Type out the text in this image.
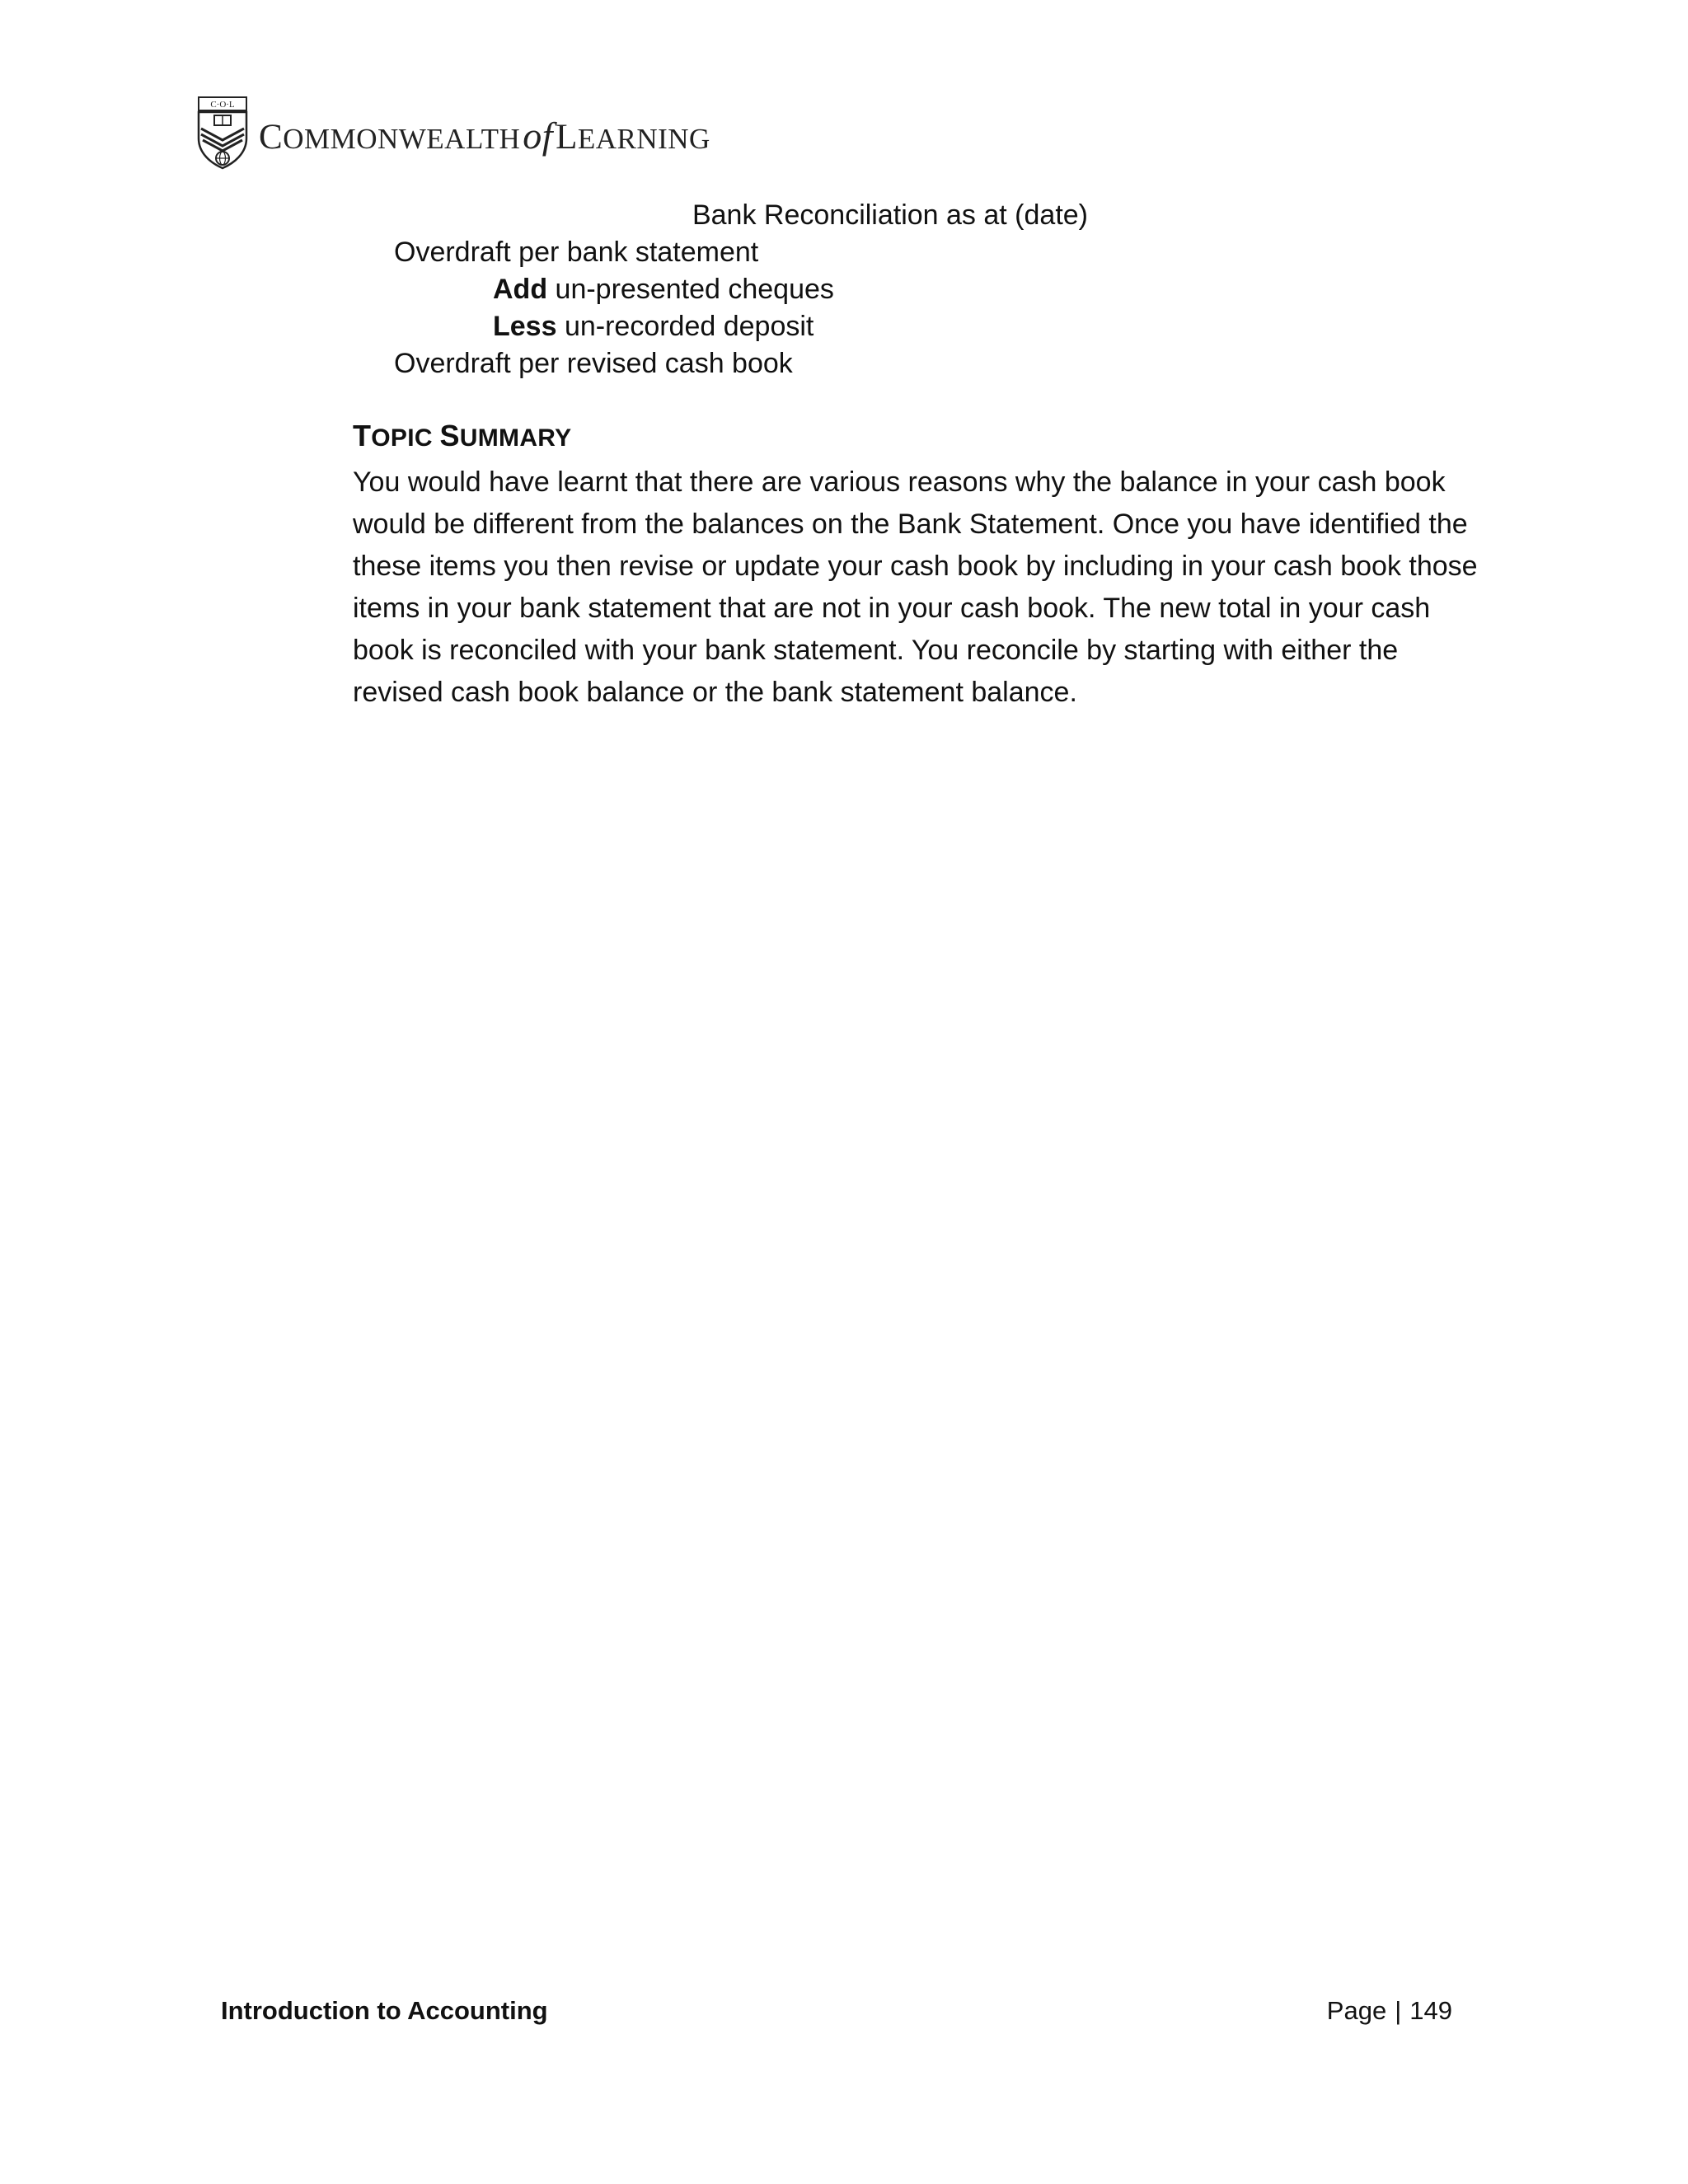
C·O·L
COMMONWEALTHofLEARNING
Bank Reconciliation as at (date)
Overdraft per bank statement
Add un-presented cheques
Less un-recorded deposit
Overdraft per revised cash book
TOPIC SUMMARY
You would have learnt that there are various reasons why the balance in your cash book
would be different from the balances on the Bank Statement. Once you have identified the
these items you then revise or update your cash book by including in your cash book those
items in your bank statement that are not in your cash book. The new total in your cash
book is reconciled with your bank statement. You reconcile by starting with either the
revised cash book balance or the bank statement balance.
Introduction to Accounting	Page | 149
